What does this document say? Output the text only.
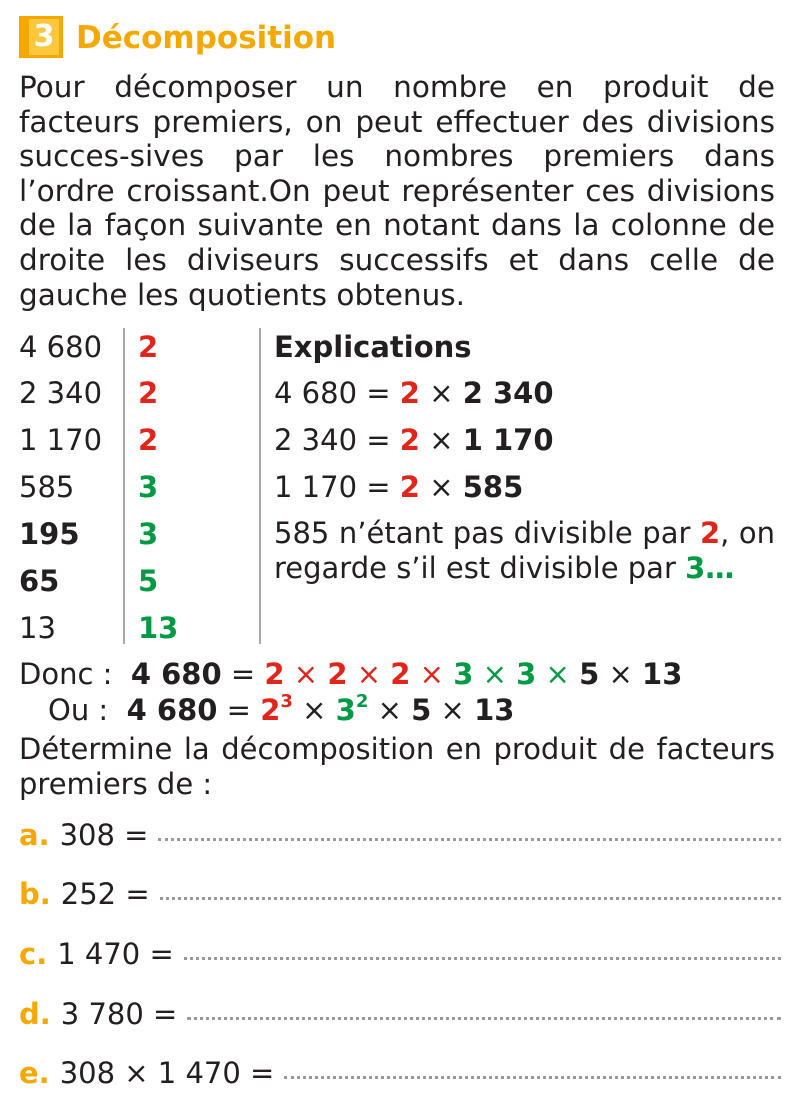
3 Décomposition

Pour décomposer un nombre en produit de facteurs premiers, on peut effectuer des divisions succes-sives par les nombres premiers dans l’ordre croissant.On peut représenter ces divisions de la façon suivante en notant dans la colonne de droite les diviseurs successifs et dans celle de gauche les quotients obtenus.

4 680
2 340
1 170
585
195
65
13
2
2
2
3
3
5
13
Explications
4 680 = 2 × 2 340
2 340 = 2 × 1 170
1 170 = 2 × 585

585 n’étant pas divisible par 2, on regarde s’il est divisible par 3…

Donc : 4 680 = 2 × 2 × 2 × 3 × 3 × 5 × 13
Ou : 4 $680 = 2^3 \times 3^2 \times 5 \times 13$

Détermine la décomposition en produit de facteurs premiers de :

a. 308 =
b. 252 =
c. 1 470 =
d. 3 780 =
e. 308 × 1 470 =
